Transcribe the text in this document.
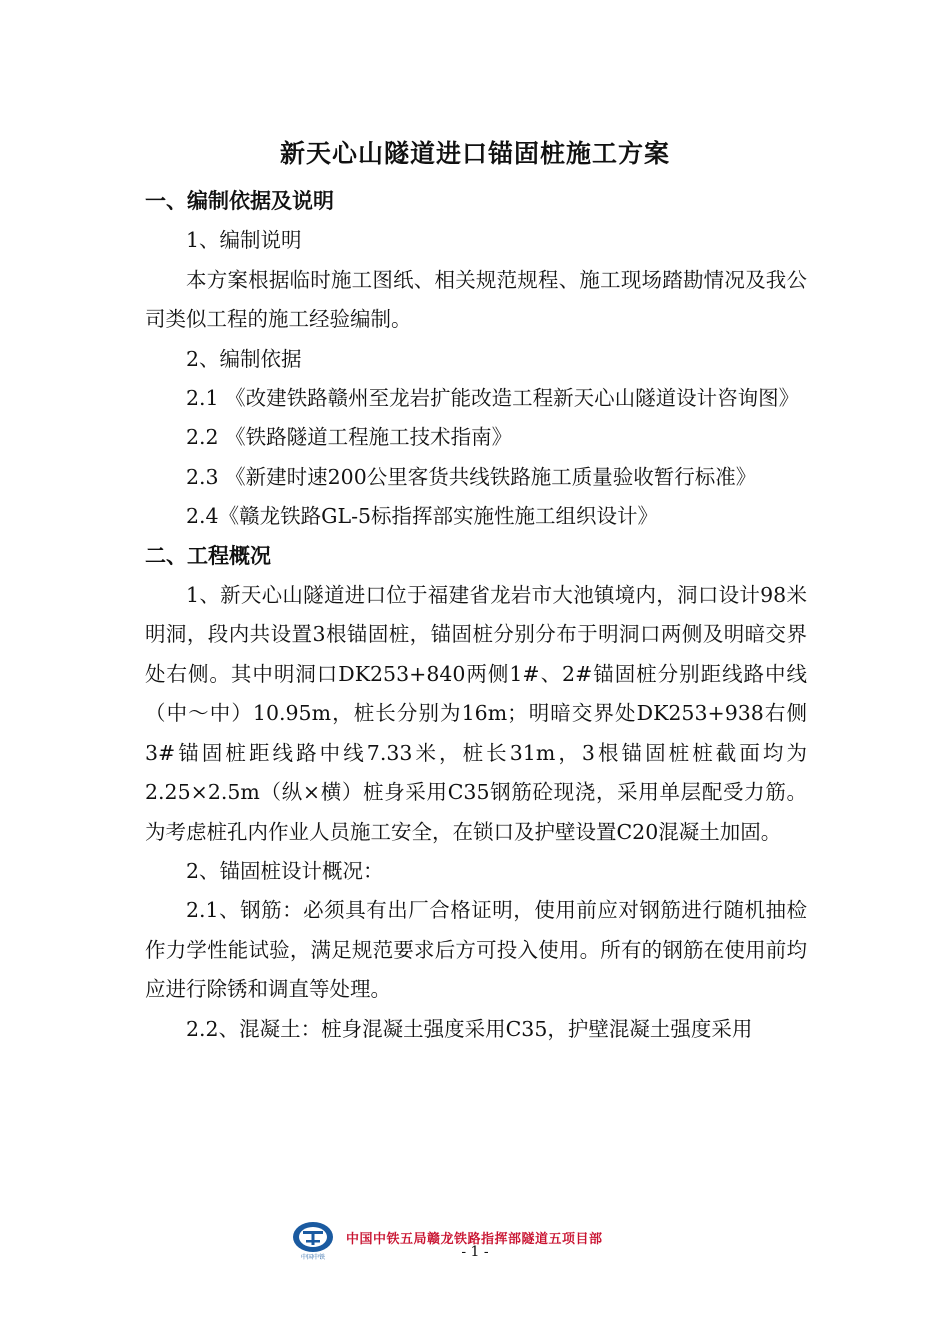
新天心山隧道进口锚固桩施工方案
一、编制依据及说明

1、编制说明

本方案根据临时施工图纸、相关规范规程、施工现场踏勘情况及我公司类似工程的施工经验编制。

2、编制依据

2.1 《改建铁路赣州至龙岩扩能改造工程新天心山隧道设计咨询图》

2.2 《铁路隧道工程施工技术指南》

2.3 《新建时速200公里客货共线铁路施工质量验收暂行标准》

2.4《赣龙铁路GL-5标指挥部实施性施工组织设计》

二、工程概况

1、新天心山隧道进口位于福建省龙岩市大池镇境内，洞口设计98米明洞，段内共设置3根锚固桩，锚固桩分别分布于明洞口两侧及明暗交界处右侧。其中明洞口DK253+840两侧1#、2#锚固桩分别距线路中线（中～中）10.95m，桩长分别为16m；明暗交界处DK253+938右侧3#锚固桩距线路中线7.33米，桩长31m，3根锚固桩桩截面均为2.25×2.5m（纵×横）桩身采用C35钢筋砼现浇，采用单层配受力筋。为考虑桩孔内作业人员施工安全，在锁口及护壁设置C20混凝土加固。

2、锚固桩设计概况：

2.1、钢筋：必须具有出厂合格证明，使用前应对钢筋进行随机抽检作力学性能试验，满足规范要求后方可投入使用。所有的钢筋在使用前均应进行除锈和调直等处理。

2.2、混凝土：桩身混凝土强度采用C35，护壁混凝土强度采用

中国中铁
中国中铁五局赣龙铁路指挥部隧道五项目部
- 1 -
